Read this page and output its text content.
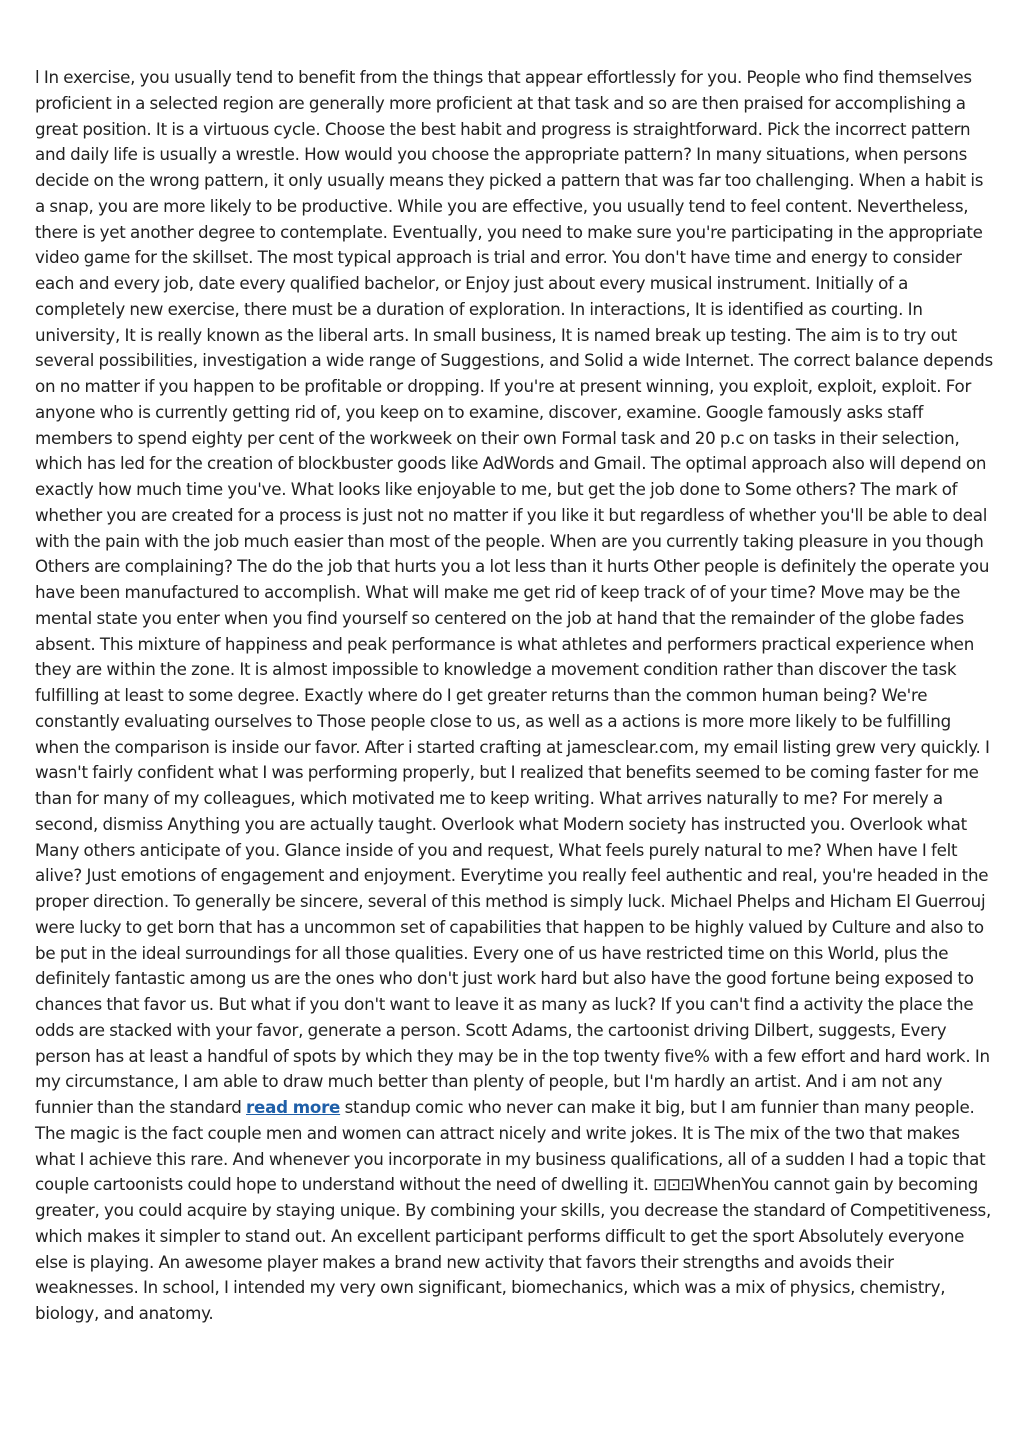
l In exercise, you usually tend to benefit from the things that appear effortlessly for you. People who find themselves proficient in a selected region are generally more proficient at that task and so are then praised for accomplishing a great position. It is a virtuous cycle. Choose the best habit and progress is straightforward. Pick the incorrect pattern and daily life is usually a wrestle. How would you choose the appropriate pattern? In many situations, when persons decide on the wrong pattern, it only usually means they picked a pattern that was far too challenging. When a habit is a snap, you are more likely to be productive. While you are effective, you usually tend to feel content. Nevertheless, there is yet another degree to contemplate. Eventually, you need to make sure you're participating in the appropriate video game for the skillset. The most typical approach is trial and error. You don't have time and energy to consider each and every job, date every qualified bachelor, or Enjoy just about every musical instrument. Initially of a completely new exercise, there must be a duration of exploration. In interactions, It is identified as courting. In university, It is really known as the liberal arts. In small business, It is named break up testing. The aim is to try out several possibilities, investigation a wide range of Suggestions, and Solid a wide Internet. The correct balance depends on no matter if you happen to be profitable or dropping. If you're at present winning, you exploit, exploit, exploit. For anyone who is currently getting rid of, you keep on to examine, discover, examine. Google famously asks staff members to spend eighty per cent of the workweek on their own Formal task and 20 p.c on tasks in their selection, which has led for the creation of blockbuster goods like AdWords and Gmail. The optimal approach also will depend on exactly how much time you've. What looks like enjoyable to me, but get the job done to Some others? The mark of whether you are created for a process is just not no matter if you like it but regardless of whether you'll be able to deal with the pain with the job much easier than most of the people. When are you currently taking pleasure in you though Others are complaining? The do the job that hurts you a lot less than it hurts Other people is definitely the operate you have been manufactured to accomplish. What will make me get rid of keep track of of your time? Move may be the mental state you enter when you find yourself so centered on the job at hand that the remainder of the globe fades absent. This mixture of happiness and peak performance is what athletes and performers practical experience when they are within the zone. It is almost impossible to knowledge a movement condition rather than discover the task fulfilling at least to some degree. Exactly where do I get greater returns than the common human being? We're constantly evaluating ourselves to Those people close to us, as well as a actions is more more likely to be fulfilling when the comparison is inside our favor. After i started crafting at jamesclear.com, my email listing grew very quickly. I wasn't fairly confident what I was performing properly, but I realized that benefits seemed to be coming faster for me than for many of my colleagues, which motivated me to keep writing. What arrives naturally to me? For merely a second, dismiss Anything you are actually taught. Overlook what Modern society has instructed you. Overlook what Many others anticipate of you. Glance inside of you and request, What feels purely natural to me? When have I felt alive? Just emotions of engagement and enjoyment. Everytime you really feel authentic and real, you're headed in the proper direction. To generally be sincere, several of this method is simply luck. Michael Phelps and Hicham El Guerrouj were lucky to get born that has a uncommon set of capabilities that happen to be highly valued by Culture and also to be put in the ideal surroundings for all those qualities. Every one of us have restricted time on this World, plus the definitely fantastic among us are the ones who don't just work hard but also have the good fortune being exposed to chances that favor us. But what if you don't want to leave it as many as luck? If you can't find a activity the place the odds are stacked with your favor, generate a person. Scott Adams, the cartoonist driving Dilbert, suggests, Every person has at least a handful of spots by which they may be in the top twenty five% with a few effort and hard work. In my circumstance, I am able to draw much better than plenty of people, but I'm hardly an artist. And i am not any funnier than the standard read more standup comic who never can make it big, but I am funnier than many people. The magic is the fact couple men and women can attract nicely and write jokes. It is The mix of the two that makes what I achieve this rare. And whenever you incorporate in my business qualifications, all of a sudden I had a topic that couple cartoonists could hope to understand without the need of dwelling it. ⊡⊡⊡WhenYou cannot gain by becoming greater, you could acquire by staying unique. By combining your skills, you decrease the standard of Competitiveness, which makes it simpler to stand out. An excellent participant performs difficult to get the sport Absolutely everyone else is playing. An awesome player makes a brand new activity that favors their strengths and avoids their weaknesses. In school, I intended my very own significant, biomechanics, which was a mix of physics, chemistry, biology, and anatomy.
